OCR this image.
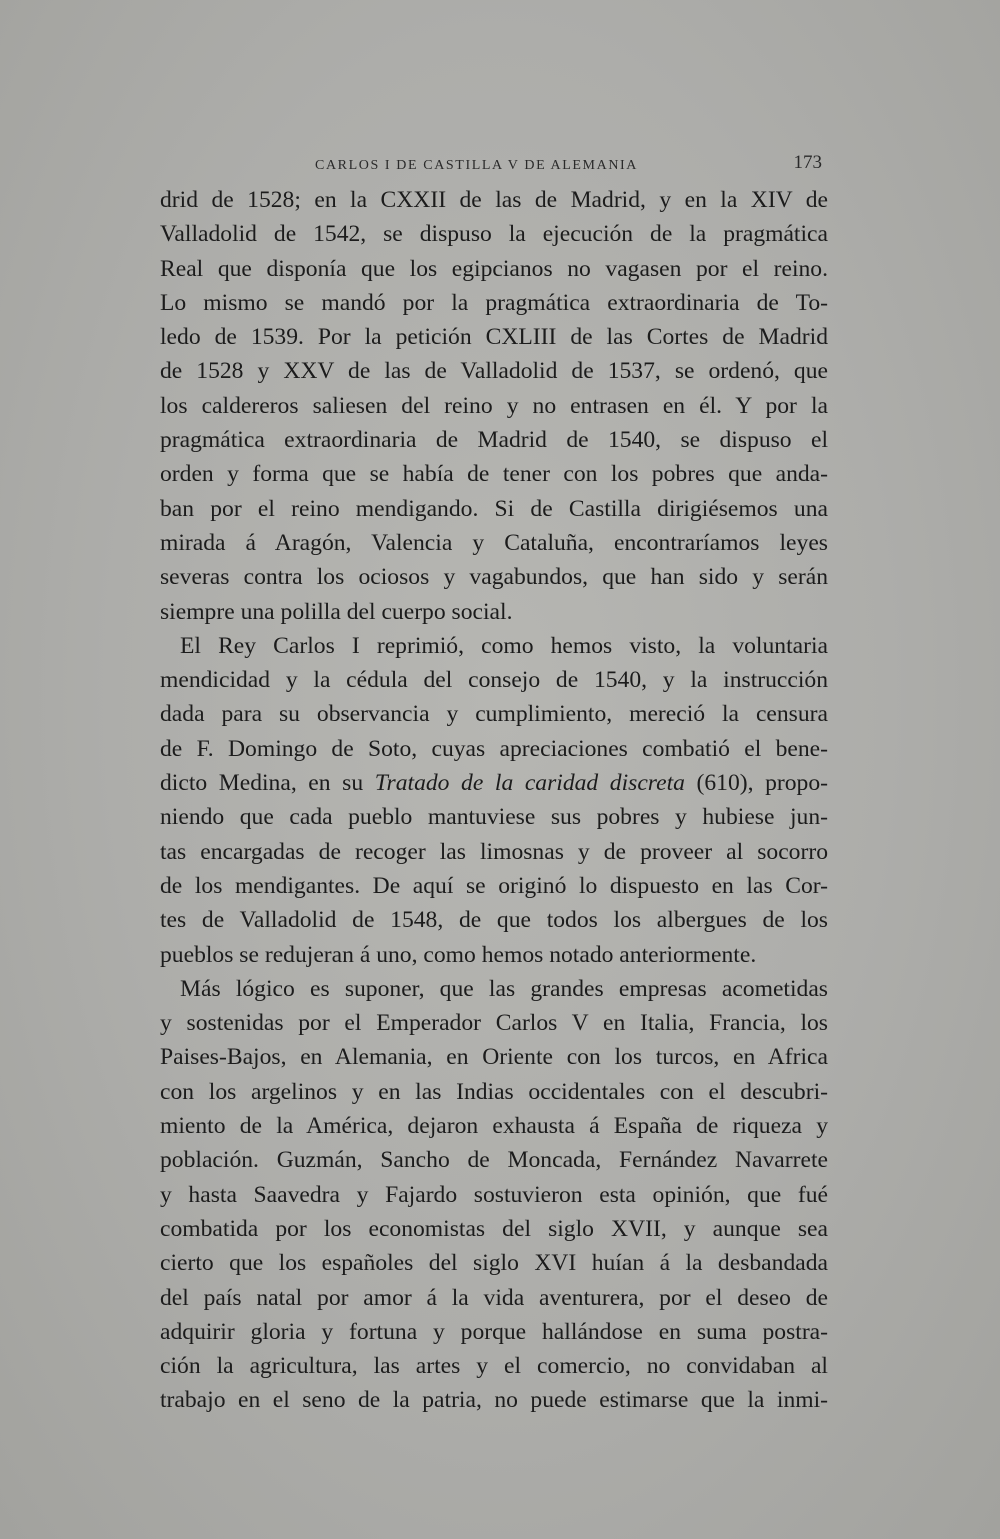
CARLOS I DE CASTILLA V DE ALEMANIA	173
drid de 1528; en la CXXII de las de Madrid, y en la XIV de
Valladolid de 1542, se dispuso la ejecución de la pragmática
Real que disponía que los egipcianos no vagasen por el reino.
Lo mismo se mandó por la pragmática extraordinaria de To-
ledo de 1539. Por la petición CXLIII de las Cortes de Madrid
de 1528 y XXV de las de Valladolid de 1537, se ordenó, que
los caldereros saliesen del reino y no entrasen en él. Y por la
pragmática extraordinaria de Madrid de 1540, se dispuso el
orden y forma que se había de tener con los pobres que anda-
ban por el reino mendigando. Si de Castilla dirigiésemos una
mirada á Aragón, Valencia y Cataluña, encontraríamos leyes
severas contra los ociosos y vagabundos, que han sido y serán
siempre una polilla del cuerpo social.
El Rey Carlos I reprimió, como hemos visto, la voluntaria
mendicidad y la cédula del consejo de 1540, y la instrucción
dada para su observancia y cumplimiento, mereció la censura
de F. Domingo de Soto, cuyas apreciaciones combatió el bene-
dicto Medina, en su Tratado de la caridad discreta (610), propo-
niendo que cada pueblo mantuviese sus pobres y hubiese jun-
tas encargadas de recoger las limosnas y de proveer al socorro
de los mendigantes. De aquí se originó lo dispuesto en las Cor-
tes de Valladolid de 1548, de que todos los albergues de los
pueblos se redujeran á uno, como hemos notado anteriormente.
Más lógico es suponer, que las grandes empresas acometidas
y sostenidas por el Emperador Carlos V en Italia, Francia, los
Paises-Bajos, en Alemania, en Oriente con los turcos, en Africa
con los argelinos y en las Indias occidentales con el descubri-
miento de la América, dejaron exhausta á España de riqueza y
población. Guzmán, Sancho de Moncada, Fernández Navarrete
y hasta Saavedra y Fajardo sostuvieron esta opinión, que fué
combatida por los economistas del siglo XVII, y aunque sea
cierto que los españoles del siglo XVI huían á la desbandada
del país natal por amor á la vida aventurera, por el deseo de
adquirir gloria y fortuna y porque hallándose en suma postra-
ción la agricultura, las artes y el comercio, no convidaban al
trabajo en el seno de la patria, no puede estimarse que la inmi-
